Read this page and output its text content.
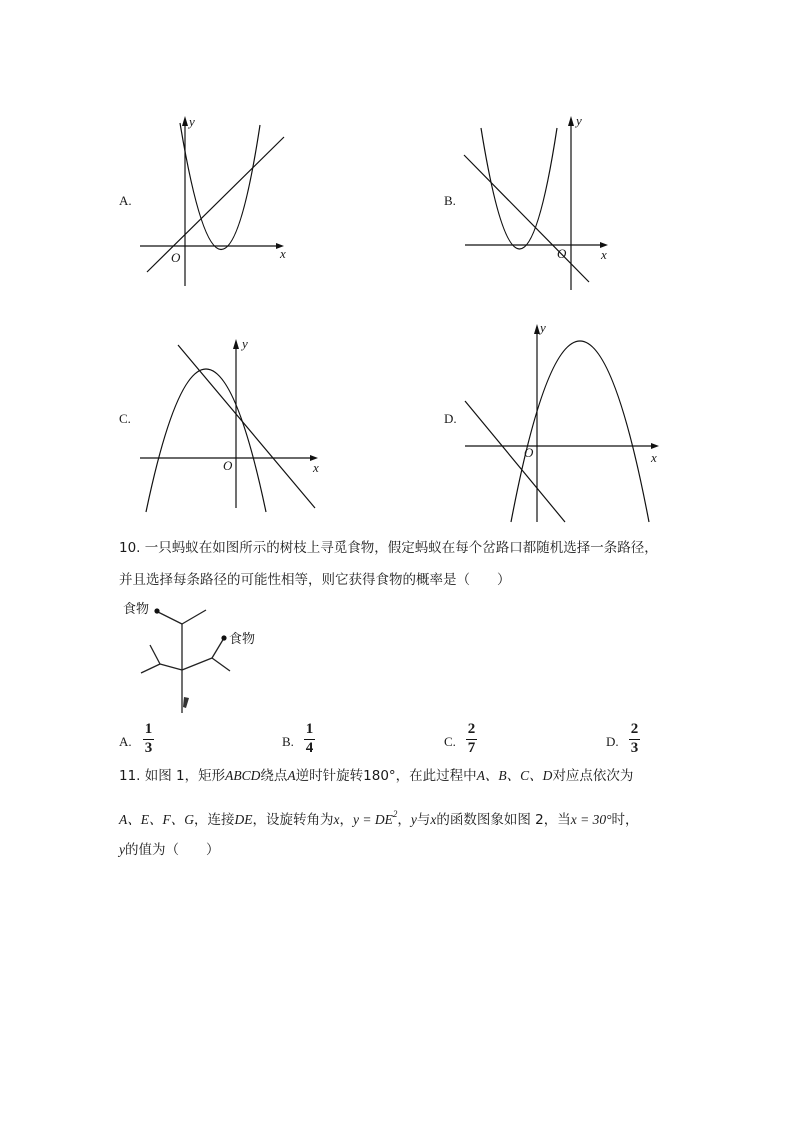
A.
y
x
O
B.
y
x
O
C.
y
x
O
D.
y
x
O
10. 一只蚂蚁在如图所示的树枝上寻觅食物，假定蚂蚁在每个岔路口都随机选择一条路径，
并且选择每条路径的可能性相等，则它获得食物的概率是（　　）
食物
食物
A.
1
3	B.
1
4	C.
2
7	D.
2
3
11. 如图 1，矩形ABCD绕点A逆时针旋转180°，在此过程中A、B、C、D对应点依次为
A、E、F、G，连接DE，设旋转角为x，$y = DE^2$，y与x的函数图象如图 2，当x = 30°时，
y的值为（　　）
